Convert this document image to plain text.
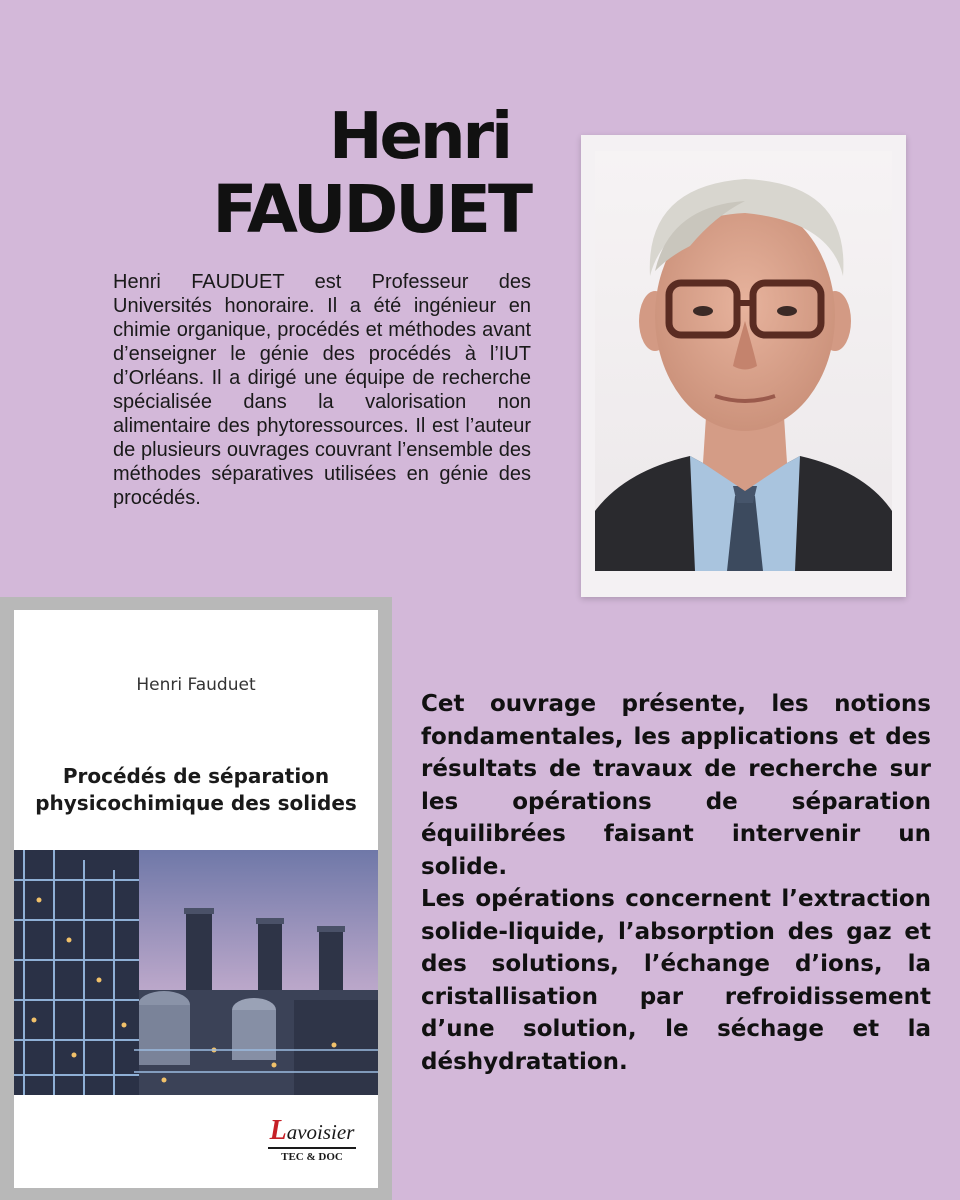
Henri
FAUDUET

Henri FAUDUET est Professeur des Universités honoraire. Il a été ingénieur en chimie organique, procédés et méthodes avant d’enseigner le génie des procédés à l’IUT d’Orléans. Il a dirigé une équipe de recherche spécialisée dans la valorisation non alimentaire des phytoressources. Il est l’auteur de plusieurs ouvrages couvrant l’ensemble des méthodes séparatives utilisées en génie des procédés.

Henri Fauduet
Procédés de séparation
physicochimique des solides
Lavoisier
TEC & DOC

Cet ouvrage présente, les notions fondamentales, les applications et des résultats de travaux de recherche sur les opérations de séparation équilibrées faisant intervenir un solide.

Les opérations concernent l’extraction solide-liquide, l’absorption des gaz et des solutions, l’échange d’ions, la cristallisation par refroidissement d’une solution, le séchage et la déshydratation.
